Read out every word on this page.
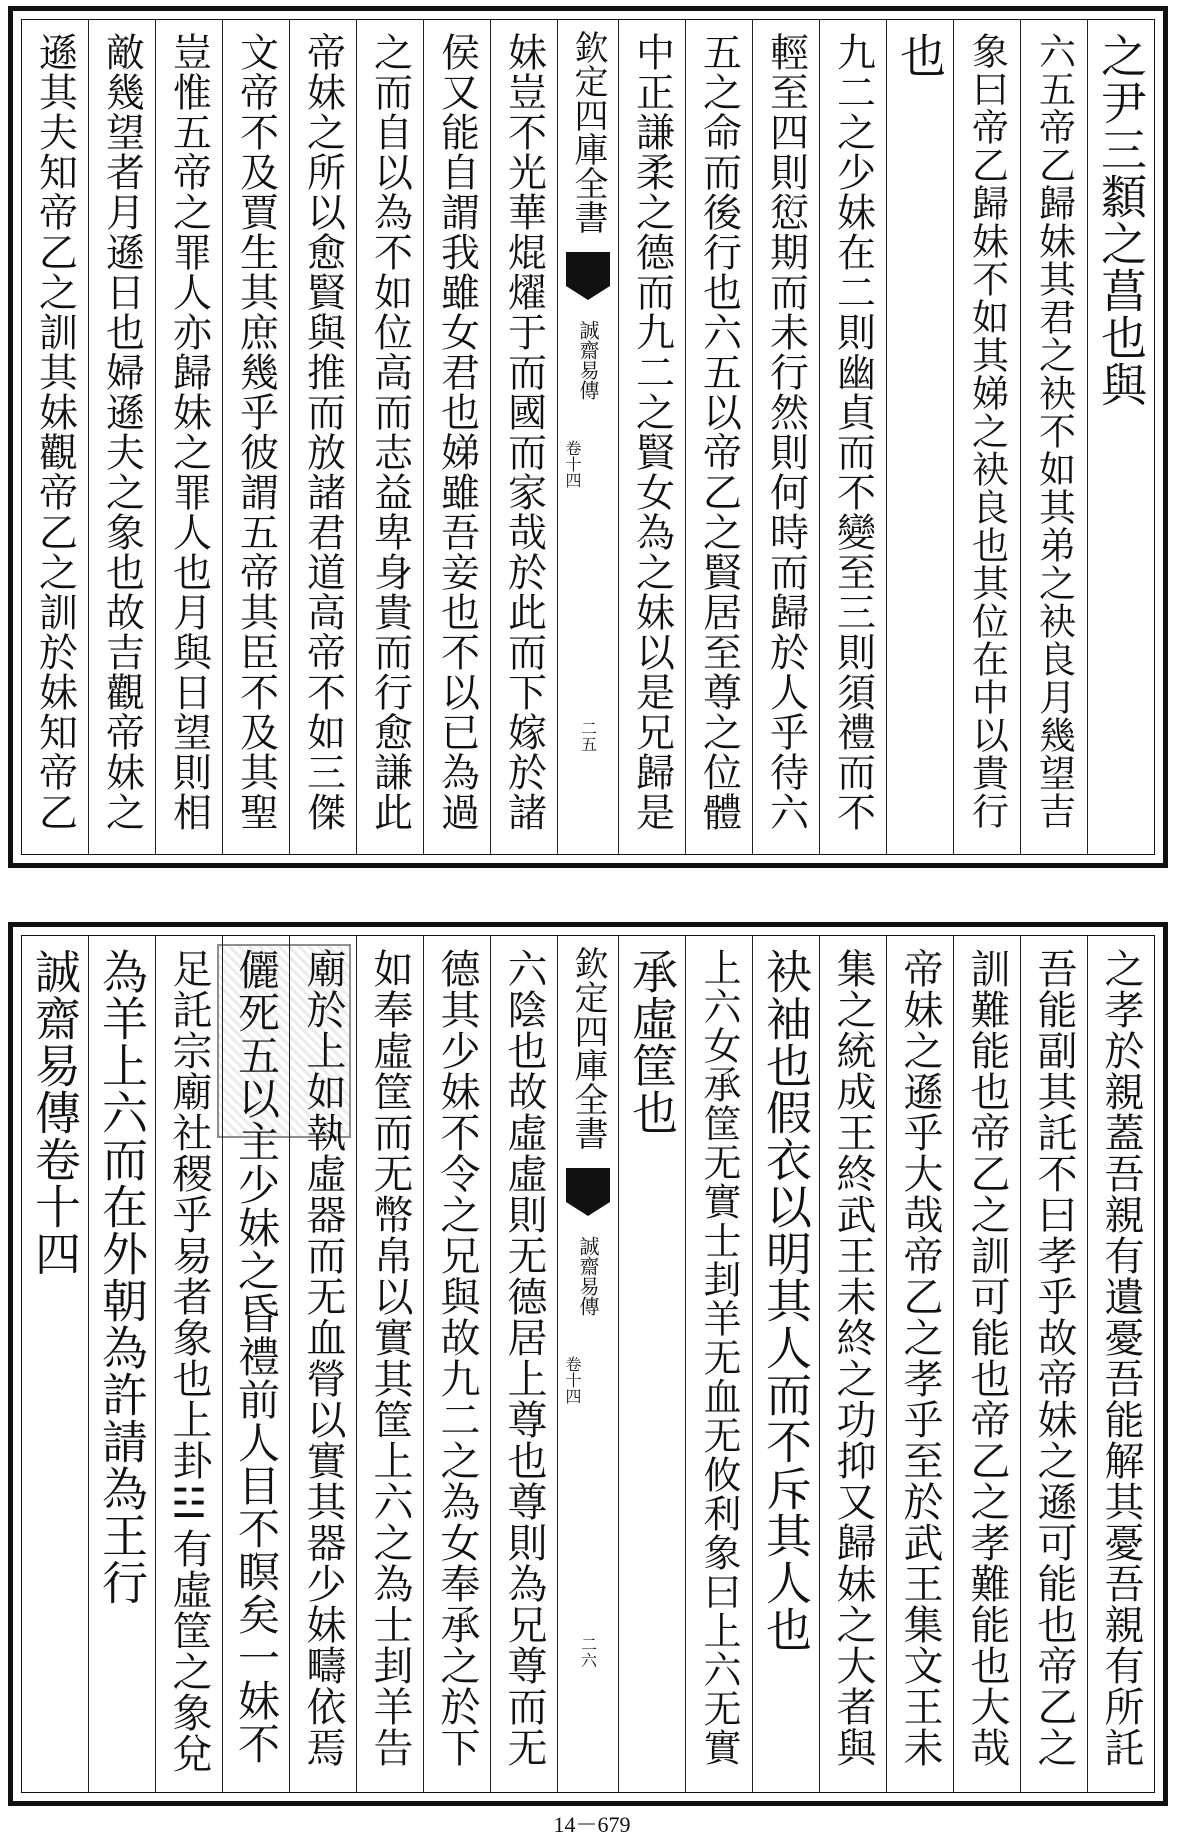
之尹三纇之菖也與
六五帝乙歸妹其君之袂不如其弟之袂良月幾望吉
象曰帝乙歸妹不如其娣之袂良也其位在中以貴行
也
九二之少妹在二則幽貞而不變至三則須禮而不
輕至四則愆期而未行然則何時而歸於人乎待六
五之命而後行也六五以帝乙之賢居至尊之位體
中正謙柔之德而九二之賢女為之妹以是兄歸是
欽定四庫全書
誠齋易傳
卷十四
二五
妹豈不光華焜燿于而國而家哉於此而下嫁於諸
侯又能自謂我雖女君也娣雖吾妾也不以已為過
之而自以為不如位高而志益卑身貴而行愈謙此
帝妹之所以愈賢與推而放諸君道高帝不如三傑
文帝不及賈生其庶幾乎彼謂五帝其臣不及其聖
豈惟五帝之罪人亦歸妹之罪人也月與日望則相
敵幾望者月遜日也婦遜夫之象也故吉觀帝妹之
遜其夫知帝乙之訓其妹觀帝乙之訓於妹知帝乙
之孝於親蓋吾親有遺憂吾能解其憂吾親有所託
吾能副其託不曰孝乎故帝妹之遜可能也帝乙之
訓難能也帝乙之訓可能也帝乙之孝難能也大哉
帝妹之遜乎大哉帝乙之孝乎至於武王集文王未
集之統成王終武王未終之功抑又歸妹之大者與
袂袖也假衣以明其人而不斥其人也
上六女承筐无實士刲羊无血无攸利象曰上六无實
承虛筐也
欽定四庫全書
誠齋易傳
卷十四
二六
六陰也故虛虛則无德居上尊也尊則為兄尊而无
德其少妹不令之兄與故九二之為女奉承之於下
如奉虛筐而无幣帛以實其筐上六之為士刲羊告
廟於上如執虛器而无血膋以實其器少妹疇依焉
儷死五以主少妹之昏禮前人目不瞑矣一妹不
足託宗廟社稷乎易者象也上卦☳有虛筐之象兌
為羊上六而在外朝為許請為王行
誠齋易傳卷十四
14－679
